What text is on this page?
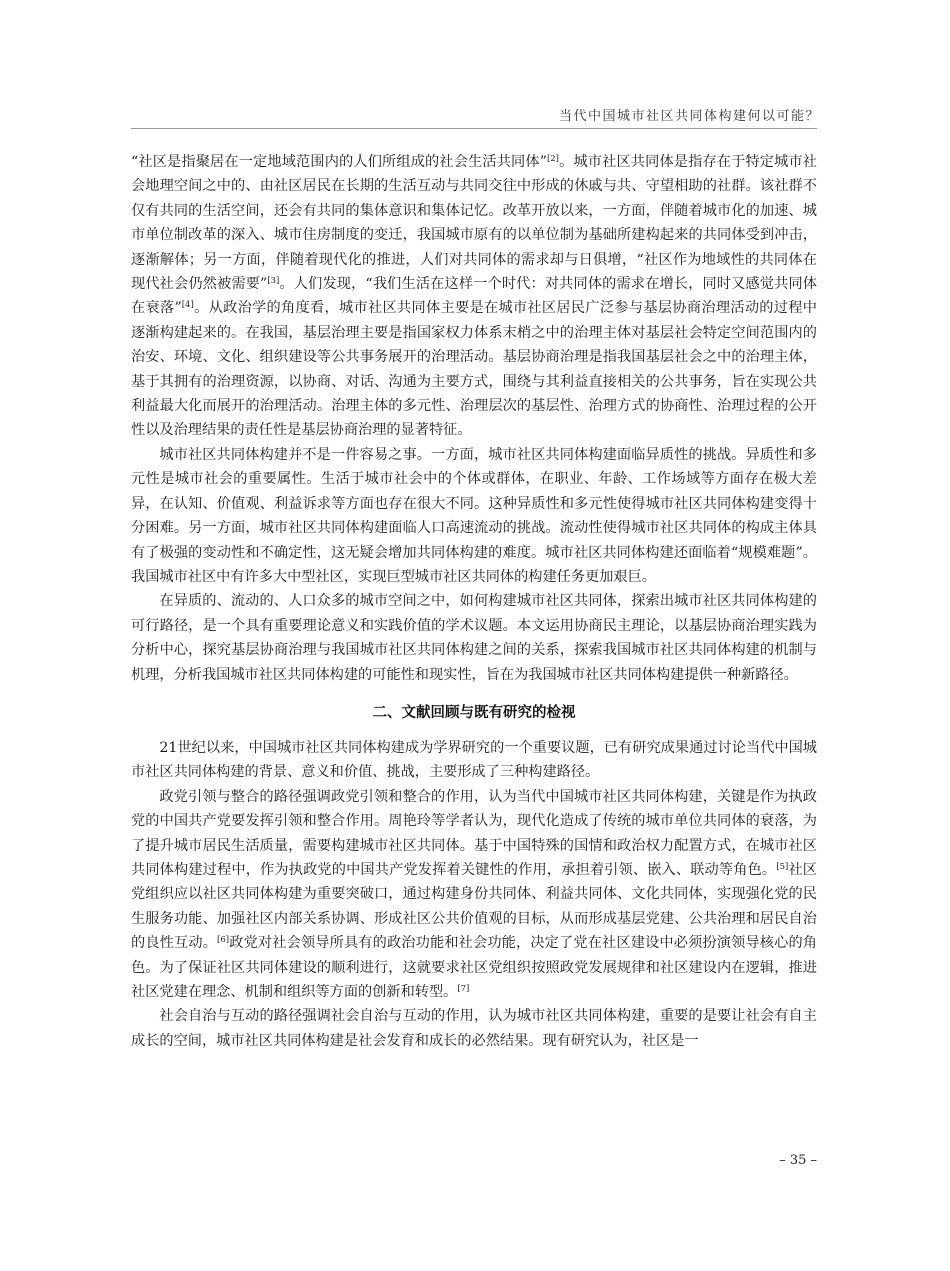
当代中国城市社区共同体构建何以可能？

“社区是指聚居在一定地域范围内的人们所组成的社会生活共同体”[2]。城市社区共同体是指存在于特定城市社会地理空间之中的、由社区居民在长期的生活互动与共同交往中形成的休戚与共、守望相助的社群。该社群不仅有共同的生活空间，还会有共同的集体意识和集体记忆。改革开放以来，一方面，伴随着城市化的加速、城市单位制改革的深入、城市住房制度的变迁，我国城市原有的以单位制为基础所建构起来的共同体受到冲击，逐渐解体；另一方面，伴随着现代化的推进，人们对共同体的需求却与日俱增，“社区作为地域性的共同体在现代社会仍然被需要”[3]。人们发现，“我们生活在这样一个时代：对共同体的需求在增长，同时又感觉共同体在衰落”[4]。从政治学的角度看，城市社区共同体主要是在城市社区居民广泛参与基层协商治理活动的过程中逐渐构建起来的。在我国，基层治理主要是指国家权力体系末梢之中的治理主体对基层社会特定空间范围内的治安、环境、文化、组织建设等公共事务展开的治理活动。基层协商治理是指我国基层社会之中的治理主体，基于其拥有的治理资源，以协商、对话、沟通为主要方式，围绕与其利益直接相关的公共事务，旨在实现公共利益最大化而展开的治理活动。治理主体的多元性、治理层次的基层性、治理方式的协商性、治理过程的公开性以及治理结果的责任性是基层协商治理的显著特征。

城市社区共同体构建并不是一件容易之事。一方面，城市社区共同体构建面临异质性的挑战。异质性和多元性是城市社会的重要属性。生活于城市社会中的个体或群体，在职业、年龄、工作场域等方面存在极大差异，在认知、价值观、利益诉求等方面也存在很大不同。这种异质性和多元性使得城市社区共同体构建变得十分困难。另一方面，城市社区共同体构建面临人口高速流动的挑战。流动性使得城市社区共同体的构成主体具有了极强的变动性和不确定性，这无疑会增加共同体构建的难度。城市社区共同体构建还面临着“规模难题”。我国城市社区中有许多大中型社区，实现巨型城市社区共同体的构建任务更加艰巨。

在异质的、流动的、人口众多的城市空间之中，如何构建城市社区共同体，探索出城市社区共同体构建的可行路径，是一个具有重要理论意义和实践价值的学术议题。本文运用协商民主理论，以基层协商治理实践为分析中心，探究基层协商治理与我国城市社区共同体构建之间的关系，探索我国城市社区共同体构建的机制与机理，分析我国城市社区共同体构建的可能性和现实性，旨在为我国城市社区共同体构建提供一种新路径。

二、文献回顾与既有研究的检视

21世纪以来，中国城市社区共同体构建成为学界研究的一个重要议题，已有研究成果通过讨论当代中国城市社区共同体构建的背景、意义和价值、挑战，主要形成了三种构建路径。

政党引领与整合的路径强调政党引领和整合的作用，认为当代中国城市社区共同体构建，关键是作为执政党的中国共产党要发挥引领和整合作用。周艳玲等学者认为，现代化造成了传统的城市单位共同体的衰落，为了提升城市居民生活质量，需要构建城市社区共同体。基于中国特殊的国情和政治权力配置方式，在城市社区共同体构建过程中，作为执政党的中国共产党发挥着关键性的作用，承担着引领、嵌入、联动等角色。[5]社区党组织应以社区共同体构建为重要突破口，通过构建身份共同体、利益共同体、文化共同体，实现强化党的民生服务功能、加强社区内部关系协调、形成社区公共价值观的目标，从而形成基层党建、公共治理和居民自治的良性互动。[6]政党对社会领导所具有的政治功能和社会功能，决定了党在社区建设中必须扮演领导核心的角色。为了保证社区共同体建设的顺利进行，这就要求社区党组织按照政党发展规律和社区建设内在逻辑，推进社区党建在理念、机制和组织等方面的创新和转型。[7]

社会自治与互动的路径强调社会自治与互动的作用，认为城市社区共同体构建，重要的是要让社会有自主成长的空间，城市社区共同体构建是社会发育和成长的必然结果。现有研究认为，社区是一

– 35 –
